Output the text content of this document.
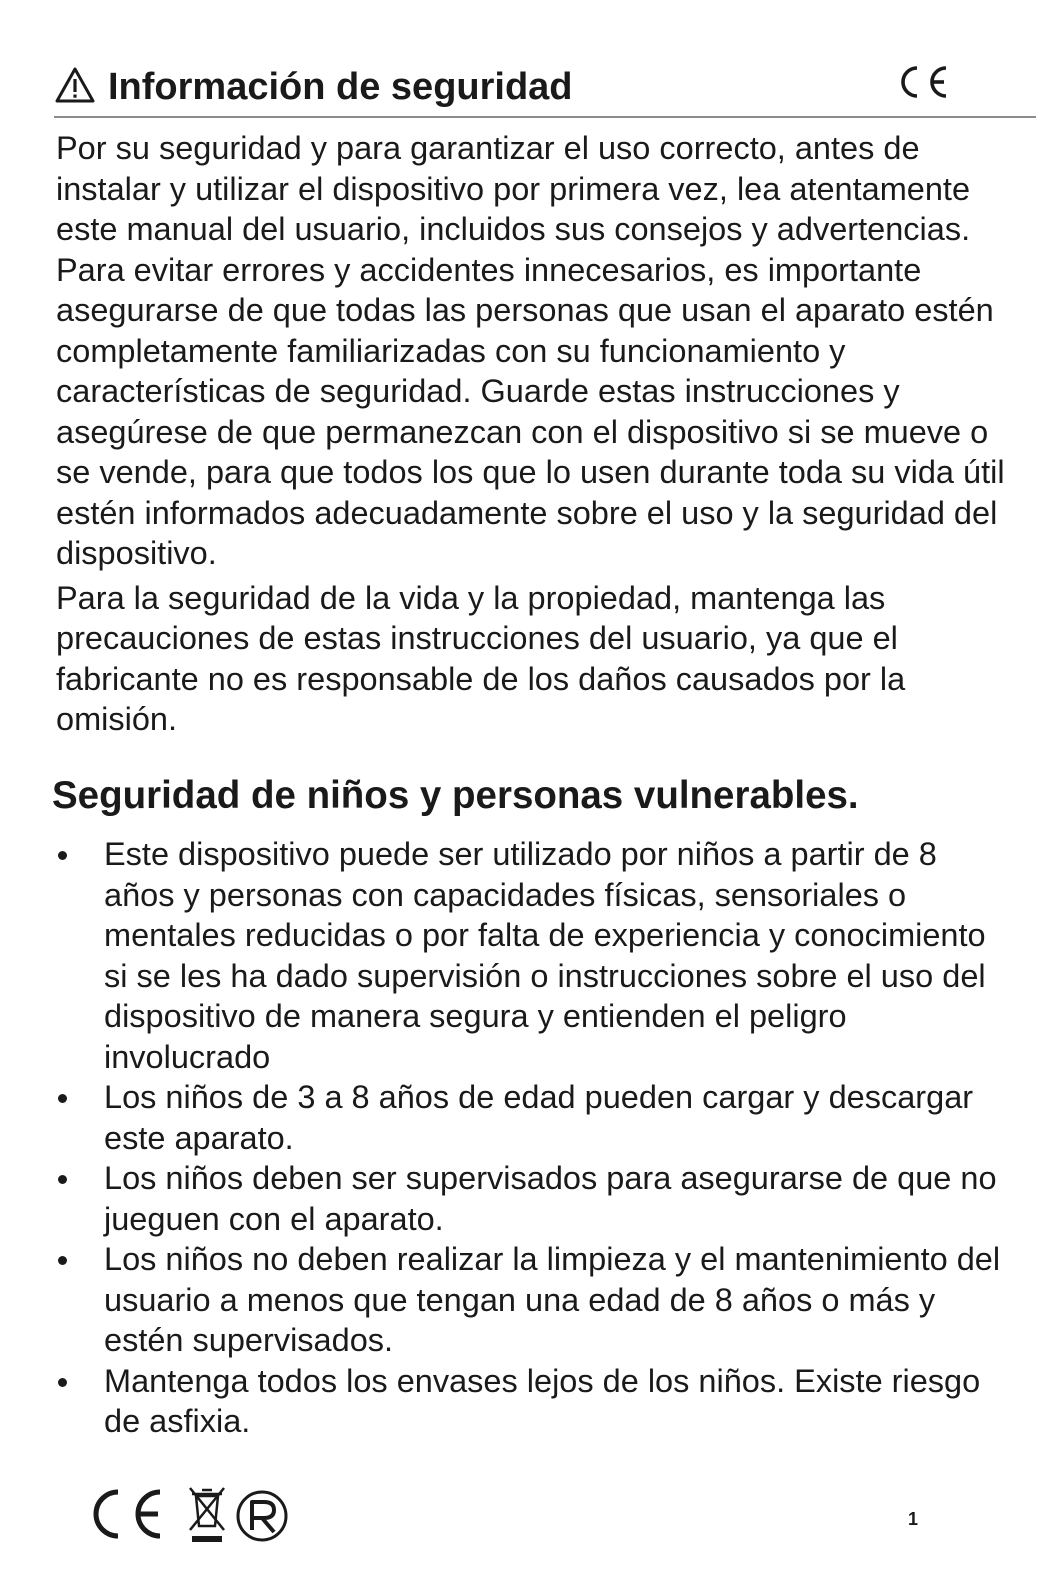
Información de seguridad

Por su seguridad y para garantizar el uso correcto, antes de instalar y utilizar el dispositivo por primera vez, lea atentamente este manual del usuario, incluidos sus consejos y advertencias. Para evitar errores y accidentes innecesarios, es importante asegurarse de que todas las personas que usan el aparato estén completamente familiarizadas con su funcionamiento y características de seguridad. Guarde estas instrucciones y asegúrese de que permanezcan con el dispositivo si se mueve o se vende, para que todos los que lo usen durante toda su vida útil estén informados adecuadamente sobre el uso y la seguridad del dispositivo.

Para la seguridad de la vida y la propiedad, mantenga las precauciones de estas instrucciones del usuario, ya que el fabricante no es responsable de los daños causados por la omisión.

Seguridad de niños y personas vulnerables.
Este dispositivo puede ser utilizado por niños a partir de 8 años y personas con capacidades físicas, sensoriales o mentales reducidas o por falta de experiencia y conocimiento si se les ha dado supervisión o instrucciones sobre el uso del dispositivo de manera segura y entienden el peligro involucrado
Los niños de 3 a 8 años de edad pueden cargar y descargar este aparato.
Los niños deben ser supervisados para asegurarse de que no jueguen con el aparato.
Los niños no deben realizar la limpieza y el mantenimiento del usuario a menos que tengan una edad de 8 años o más y estén supervisados.
Mantenga todos los envases lejos de los niños. Existe riesgo de asfixia.
1
